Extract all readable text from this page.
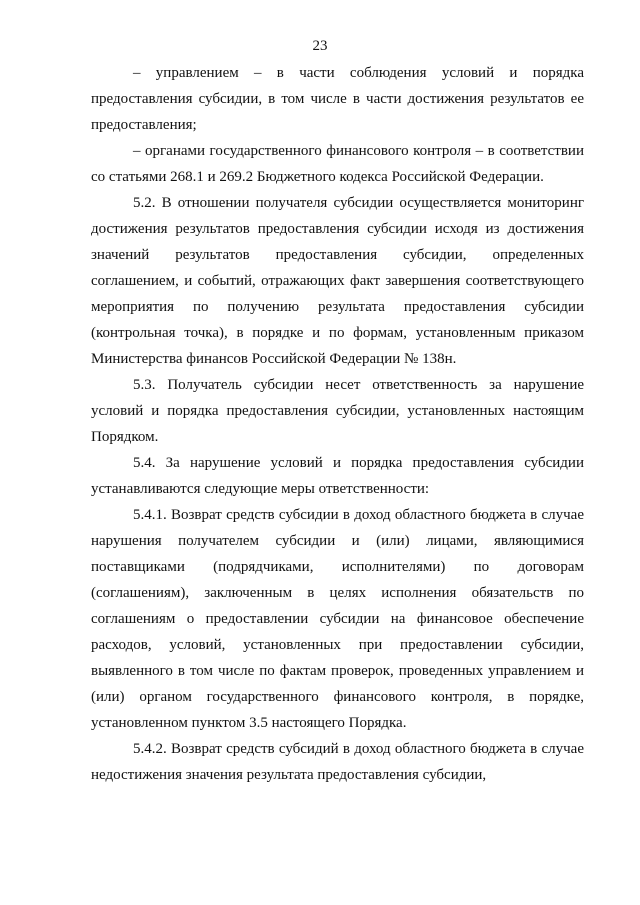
23

– управлением – в части соблюдения условий и порядка предоставления субсидии, в том числе в части достижения результатов ее предоставления;

– органами государственного финансового контроля – в соответствии со статьями 268.1 и 269.2 Бюджетного кодекса Российской Федерации.

5.2. В отношении получателя субсидии осуществляется мониторинг достижения результатов предоставления субсидии исходя из достижения значений результатов предоставления субсидии, определенных соглашением, и событий, отражающих факт завершения соответствующего мероприятия по получению результата предоставления субсидии (контрольная точка), в порядке и по формам, установленным приказом Министерства финансов Российской Федерации № 138н.

5.3. Получатель субсидии несет ответственность за нарушение условий и порядка предоставления субсидии, установленных настоящим Порядком.

5.4. За нарушение условий и порядка предоставления субсидии устанавливаются следующие меры ответственности:

5.4.1. Возврат средств субсидии в доход областного бюджета в случае нарушения получателем субсидии и (или) лицами, являющимися поставщиками (подрядчиками, исполнителями) по договорам (соглашениям), заключенным в целях исполнения обязательств по соглашениям о предоставлении субсидии на финансовое обеспечение расходов, условий, установленных при предоставлении субсидии, выявленного в том числе по фактам проверок, проведенных управлением и (или) органом государственного финансового контроля, в порядке, установленном пунктом 3.5 настоящего Порядка.

5.4.2. Возврат средств субсидий в доход областного бюджета в случае недостижения значения результата предоставления субсидии,
